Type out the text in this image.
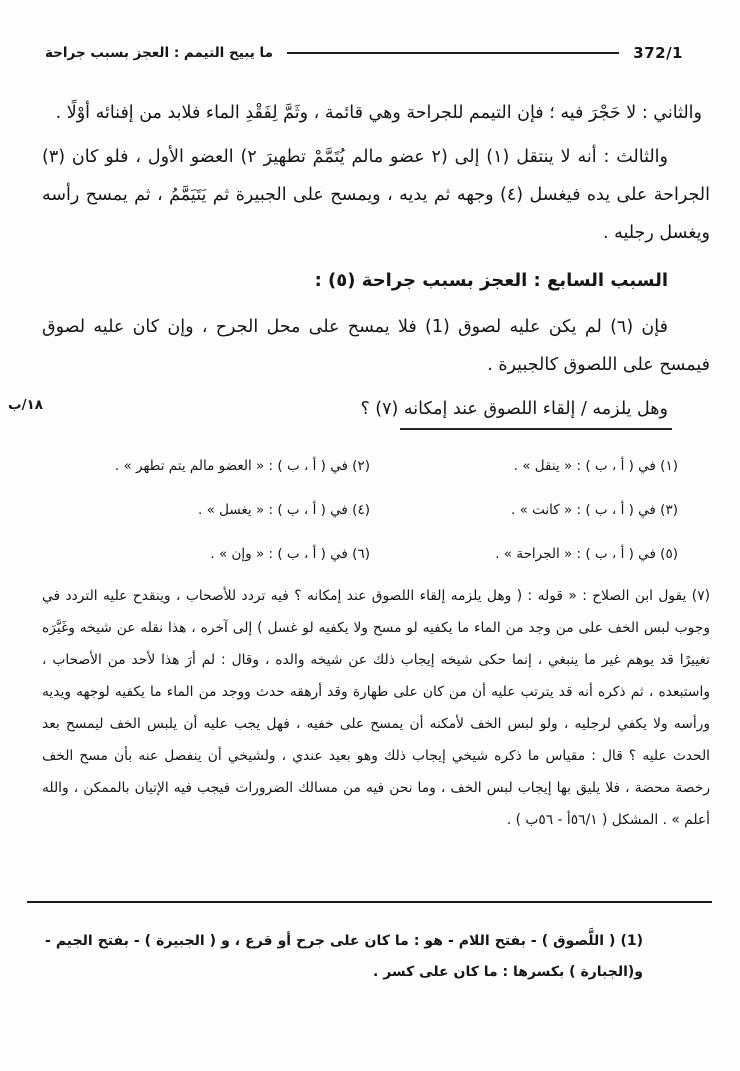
372/1
ما يبيح التيمم : العجز بسبب جراحة

والثاني : لا حَجْرَ فيه ؛ فإن التيمم للجراحة وهي قائمة ، وثَمَّ لِفَقْدِ الماء فلابد من إفنائه أوْلًا .

والثالث : أنه لا ينتقل (١) إلى (٢ عضو مالم يُتَمَّمْ تطهيرَ ٢) العضو الأول ، فلو كان (٣) الجراحة على يده فيغسل (٤) وجهه ثم يديه ، ويمسح على الجبيرة ثم يَتَيَمَّمُ ، ثم يمسح رأسه ويغسل رجليه .

السبب السابع : العجز بسبب جراحة (٥) :

فإن (٦) لم يكن عليه لصوق (1) فلا يمسح على محل الجرح ، وإن كان عليه لصوق فيمسح على اللصوق كالجبيرة .

وهل يلزمه / إلقاء اللصوق عند إمكانه (٧) ؟

(١) في ( أ ، ب ) : « ينقل » .
(٢) في ( أ ، ب ) : « العضو مالم يتم تطهر » .
(٣) في ( أ ، ب ) : « كانت » .
(٤) في ( أ ، ب ) : « يغسل » .
(٥) في ( أ ، ب ) : « الجراحة » .
(٦) في ( أ ، ب ) : « وإن » .

(٧) يقول ابن الصلاح : « قوله : ( وهل يلزمه إلقاء اللصوق عند إمكانه ؟ فيه تردد للأصحاب ، وينقدح عليه التردد في وجوب لبس الخف على من وجد من الماء ما يكفيه لو مسح ولا يكفيه لو غسل ) إلى آخره ، هذا نقله عن شيخه وغَيَّرَه تغييرًا قد يوهم غير ما ينبغي ، إنما حكى شيخه إيجاب ذلك عن شيخه والده ، وقال : لم أرَ هذا لأحد من الأصحاب ، واستبعده ، ثم ذكره أنه قد يترتب عليه أن من كان على طهارة وقد أرهقه حدث ووجد من الماء ما يكفيه لوجهه ويديه ورأسه ولا يكفي لرجليه ، ولو لبس الخف لأمكنه أن يمسح على خفيه ، فهل يجب عليه أن يلبس الخف ليمسح بعد الحدث عليه ؟ قال : مقياس ما ذكره شيخي إيجاب ذلك وهو بعيد عندي ، ولشيخي أن ينفصل عنه بأن مسح الخف رخصة محضة ، فلا يليق بها إيجاب لبس الخف ، وما نحن فيه من مسالك الضرورات فيجب فيه الإتيان بالممكن ، والله أعلم » . المشكل ( ٥٦/١أ - ٥٦ب ) .

١٨/ب

(1) ( اللَّصوق ) - بفتح اللام - هو : ما كان على جرح أو قرع ، و ( الجبيرة ) - بفتح الجيم - و(الجبارة ) بكسرها : ما كان على كسر .
